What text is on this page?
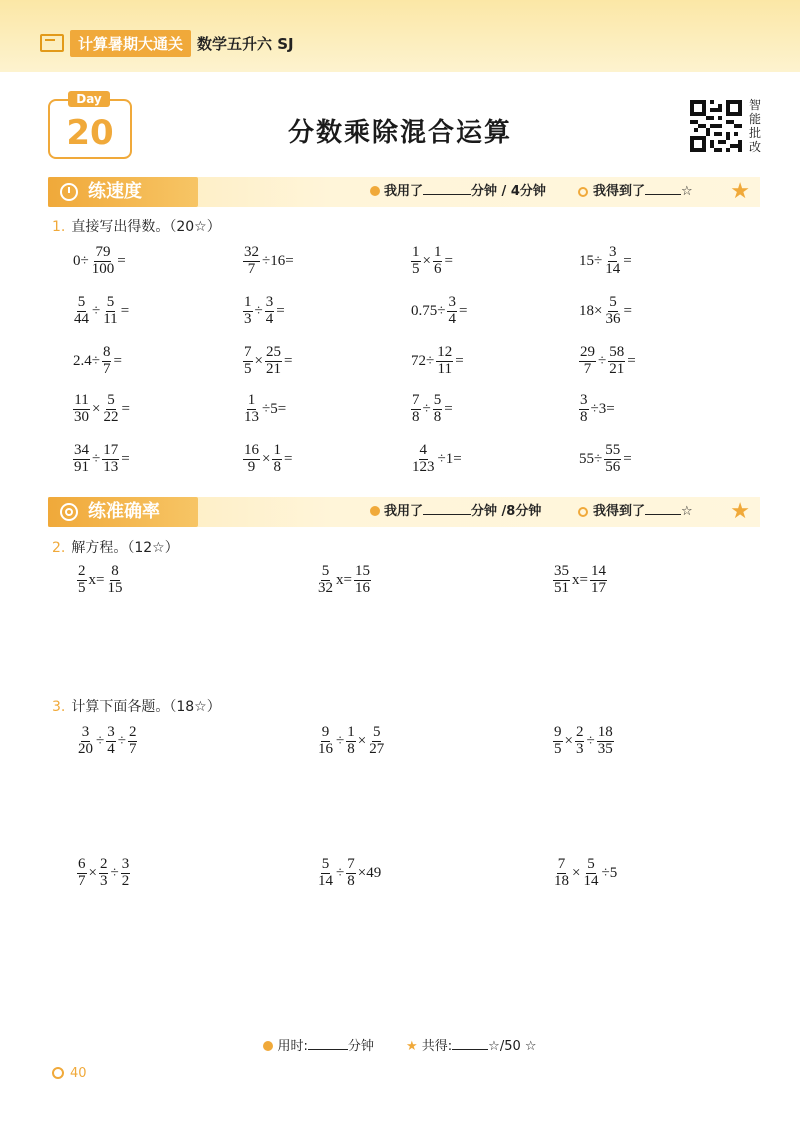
计算暑期大通关 数学五升六 SJ
Day
20	分数乘除混合运算
智
能
批
改
练速度	我用了	分钟 / 4分钟	我得到了	☆ ★
1. 直接写出得数。（20☆）
$0\div \frac{79}{100}$ =	$\frac{32}{7} \div 16=$	$\frac{1}{5} \times \frac{1}{6}$ =	$15\div \frac{3}{14}$ =
$\frac{5}{44} \div \frac{5}{11}$ =	$\frac{1}{3} \div \frac{3}{4}$ =	$0.75\div \frac{3}{4}$ =	$18\times \frac{5}{36}$ =
$2.4\div \frac{8}{7}$ =	$\frac{7}{5} \times \frac{25}{21}$ =	$72\div \frac{12}{11}$ =	$\frac{29}{7} \div \frac{58}{21}$ =
$\frac{11}{30} \times \frac{5}{22}$ =	$\frac{1}{13} \div 5=$	$\frac{7}{8} \div \frac{5}{8}$ =	$\frac{3}{8} \div 3=$
$\frac{34}{91} \div \frac{17}{13}$ =	$\frac{16}{9} \times \frac{1}{8}$ =	$\frac{4}{123} \div 1=$	$55\div \frac{55}{56}$ =
练准确率	我用了	分钟 /8分钟	我得到了	☆ ★
2. 解方程。（12☆）
$\frac{2}{5} x= \frac{8}{15}$	$\frac{5}{32} x= \frac{15}{16}$	$\frac{35}{51} x= \frac{14}{17}$
3. 计算下面各题。（18☆）
$\frac{3}{20} \div \frac{3}{4} \div \frac{2}{7}$	$\frac{9}{16} \div \frac{1}{8} \times \frac{5}{27}$	$\frac{9}{5} \times \frac{2}{3} \div \frac{18}{35}$
$\frac{6}{7} \times \frac{2}{3} \div \frac{3}{2}$	$\frac{5}{14} \div \frac{7}{8} \times 49$	$\frac{7}{18} \times \frac{5}{14} \div 5$
用时:	分钟 ★ 共得:	☆/50 ☆
40
